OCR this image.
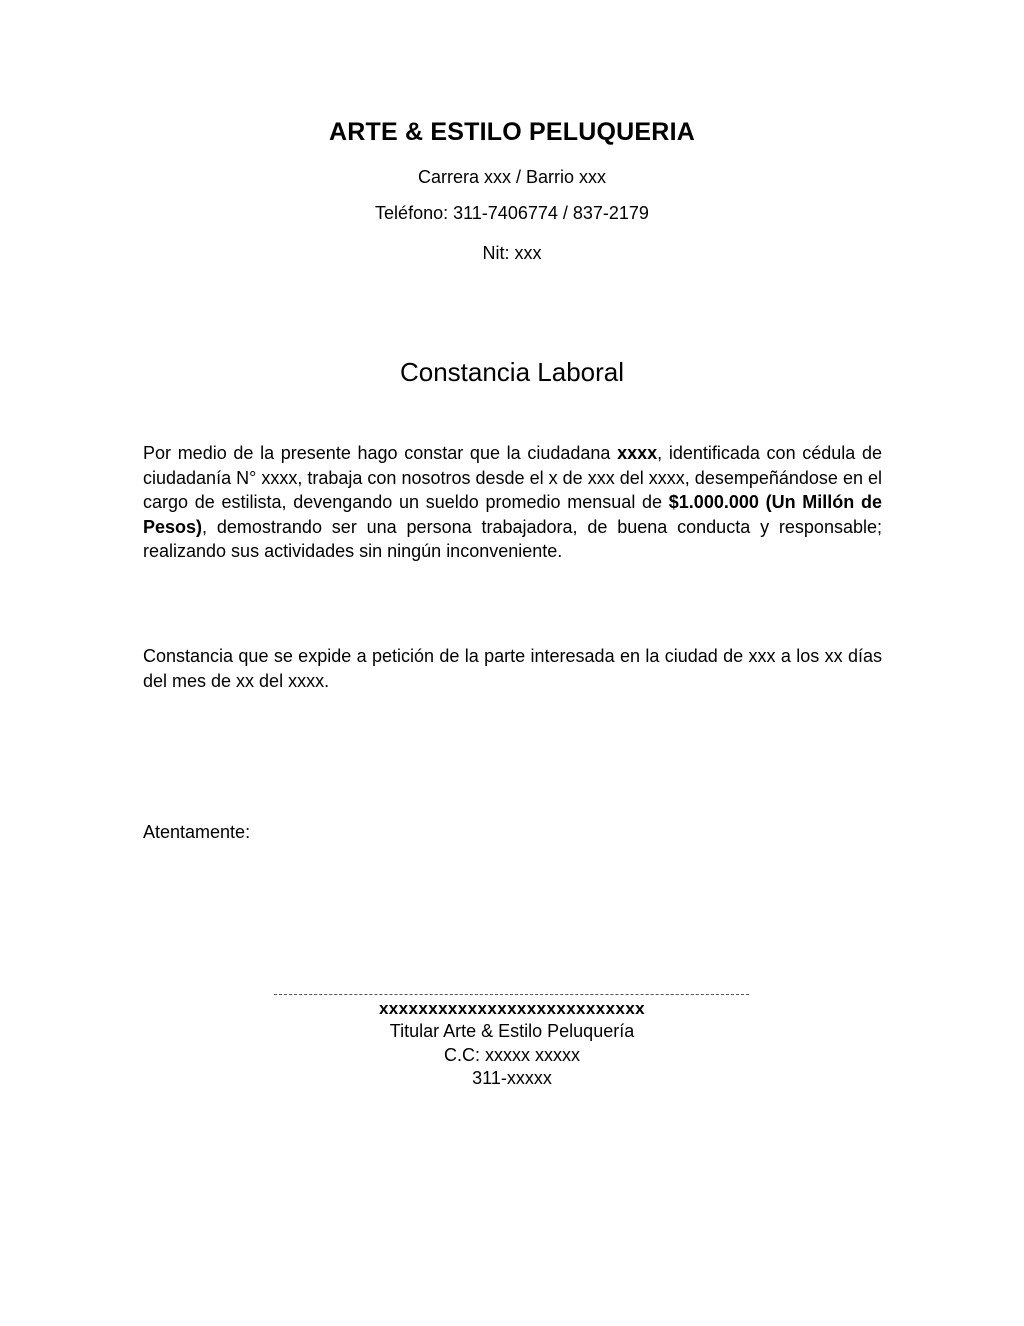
ARTE & ESTILO PELUQUERIA
Carrera xxx / Barrio xxx
Teléfono: 311-7406774 / 837-2179
Nit: xxx
Constancia Laboral
Por medio de la presente hago constar que la ciudadana xxxx, identificada con cédula de ciudadanía N° xxxx, trabaja con nosotros desde el x de xxx del xxxx, desempeñándose en el cargo de estilista, devengando un sueldo promedio mensual de $1.000.000 (Un Millón de Pesos), demostrando ser una persona trabajadora, de buena conducta y responsable; realizando sus actividades sin ningún inconveniente.
Constancia que se expide a petición de la parte interesada en la ciudad de xxx a los xx días del mes de xx del xxxx.
Atentamente:
xxxxxxxxxxxxxxxxxxxxxxxxxxx
Titular Arte & Estilo Peluquería
C.C: xxxxx xxxxx
311-xxxxx
